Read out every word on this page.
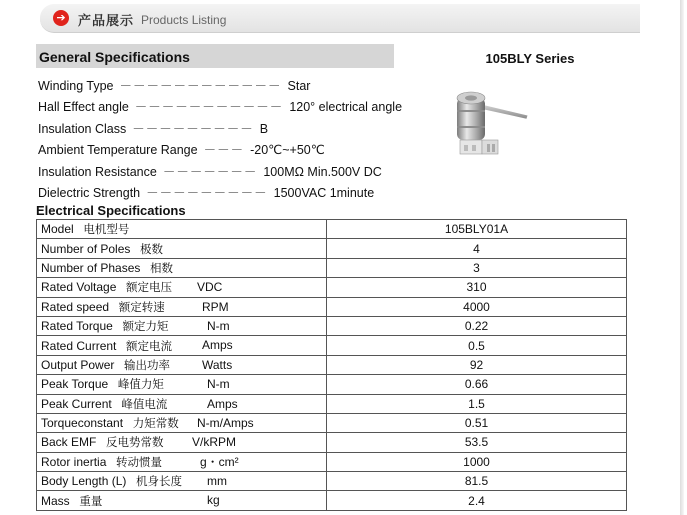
➔ 产品展示 Products Listing
General Specifications
Winding Type －－－－－－－－－－－－ Star
Hall Effect angle －－－－－－－－－－－ 120° electrical angle
Insulation Class －－－－－－－－－ B
Ambient Temperature Range －－－ -20℃~+50℃
Insulation Resistance －－－－－－－ 100MΩ Min.500V DC
Dielectric Strength －－－－－－－－－ 1500VAC 1minute
105BLY Series
Electrical Specifications
Model 电机型号	105BLY01A
Number of Poles 极数	4
Number of Phases 相数	3
Rated Voltage 额定电压 VDC	310
Rated speed 额定转速 RPM	4000
Rated Torque 额定力矩 N-m	0.22
Rated Current 额定电流 Amps	0.5
Output Power 输出功率 Watts	92
Peak Torque 峰值力矩 N-m	0.66
Peak Current 峰值电流 Amps	1.5
Torqueconstant 力矩常数 N-m/Amps	0.51
Back EMF 反电势常数 V/kRPM	53.5
Rotor inertia 转动惯量 g・cm²	1000
Body Length (L) 机身长度 mm	81.5
Mass 重量 kg	2.4
